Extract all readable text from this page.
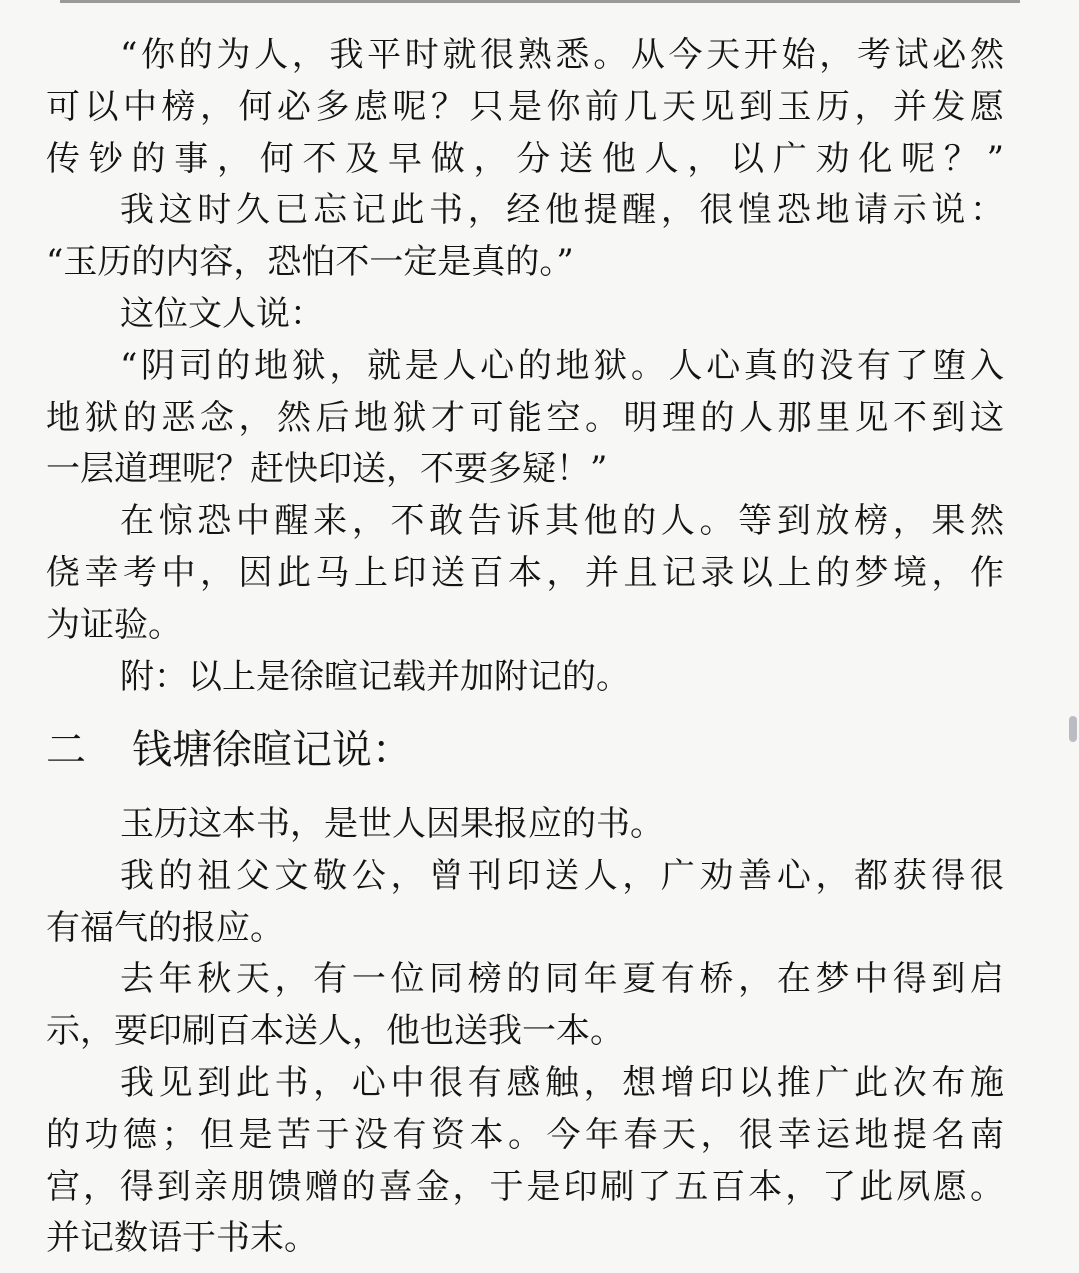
“你的为人，我平时就很熟悉。从今天开始，考试必然
可以中榜，何必多虑呢？只是你前几天见到玉历，并发愿
传钞的事，何不及早做，分送他人，以广劝化呢？”
我这时久已忘记此书，经他提醒，很惶恐地请示说：
“玉历的内容，恐怕不一定是真的。”
这位文人说：
“阴司的地狱，就是人心的地狱。人心真的没有了堕入
地狱的恶念，然后地狱才可能空。明理的人那里见不到这
一层道理呢？赶快印送，不要多疑！”
在惊恐中醒来，不敢告诉其他的人。等到放榜，果然
侥幸考中，因此马上印送百本，并且记录以上的梦境，作
为证验。
附：以上是徐暄记载并加附记的。
二 钱塘徐暄记说：
玉历这本书，是世人因果报应的书。
我的祖父文敬公，曾刊印送人，广劝善心，都获得很
有福气的报应。
去年秋天，有一位同榜的同年夏有桥，在梦中得到启
示，要印刷百本送人，他也送我一本。
我见到此书，心中很有感触，想增印以推广此次布施
的功德；但是苦于没有资本。今年春天，很幸运地提名南
宫，得到亲朋馈赠的喜金，于是印刷了五百本，了此夙愿。
并记数语于书末。
